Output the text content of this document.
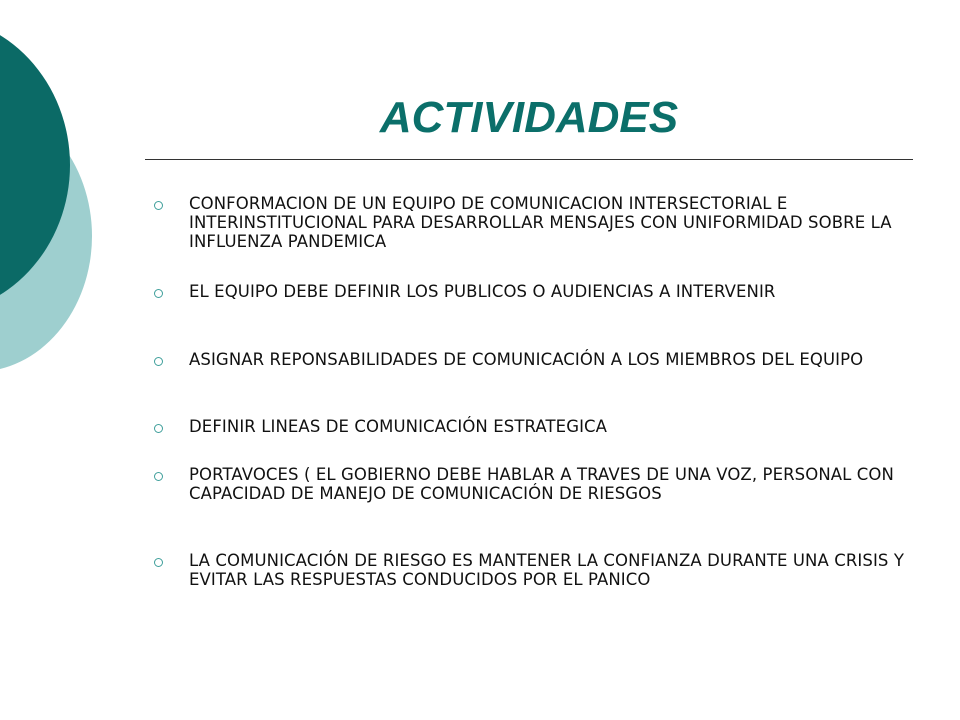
ACTIVIDADES
CONFORMACION DE UN EQUIPO DE COMUNICACION INTERSECTORIAL E INTERINSTITUCIONAL PARA DESARROLLAR MENSAJES CON UNIFORMIDAD SOBRE LA INFLUENZA PANDEMICA
EL EQUIPO DEBE DEFINIR LOS PUBLICOS O AUDIENCIAS A INTERVENIR
ASIGNAR REPONSABILIDADES DE COMUNICACIÓN A LOS MIEMBROS DEL EQUIPO
DEFINIR LINEAS DE COMUNICACIÓN ESTRATEGICA
PORTAVOCES ( EL GOBIERNO DEBE HABLAR A TRAVES DE UNA VOZ, PERSONAL CON CAPACIDAD DE MANEJO DE COMUNICACIÓN DE RIESGOS
LA COMUNICACIÓN DE RIESGO ES MANTENER LA CONFIANZA DURANTE UNA CRISIS Y EVITAR LAS RESPUESTAS CONDUCIDOS POR EL PANICO
